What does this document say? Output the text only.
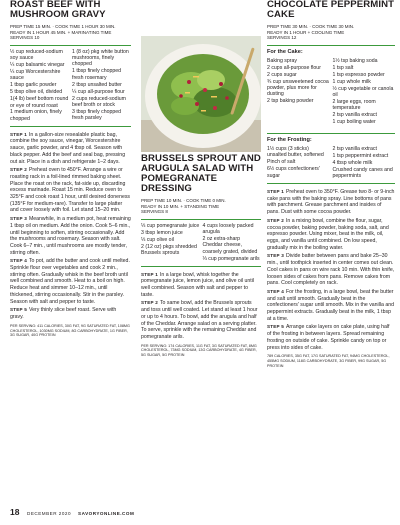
ROAST BEEF WITH MUSHROOM GRAVY
PREP TIME 15 MIN. · COOK TIME 1 HOUR 30 MIN.
READY IN 1 HOUR 45 MIN. + MARINATING TIME
SERVINGS 10
½ cup reduced-sodium soy sauce
¼ cup balsamic vinegar
¼ cup Worcestershire sauce
1 tbsp garlic powder
5 tbsp olive oil, divided
1(4 lb) beef bottom round or eye of round roast
1 medium onion, finely chopped
1 (8 oz) pkg white button mushrooms, finely chopped
1 tbsp finely chopped fresh rosemary
2 tbsp unsalted butter
¼ cup all-purpose flour
2 cups reduced-sodium beef broth or stock
3 tbsp finely chopped fresh parsley

STEP 1 In a gallon-size resealable plastic bag, combine the soy sauce, vinegar, Worcestershire sauce, garlic powder, and 4 tbsp oil. Season with black pepper. Add the beef and seal bag, pressing out air. Place in a dish and refrigerate 1–2 days.

STEP 2 Preheat oven to 450°F. Arrange a wire or roasting rack in a foil-lined rimmed baking sheet. Place the roast on the rack, fat-side up, discarding excess marinade. Roast 15 min. Reduce oven to 325°F and cook roast 1 hour, until desired doneness (135°F for medium-rare). Transfer to large platter and cover loosely with foil. Let stand 15–20 min.

STEP 3 Meanwhile, in a medium pot, heat remaining 1 tbsp oil on medium. Add the onion. Cook 5–6 min., until beginning to soften, stirring occasionally. Add the mushrooms and rosemary. Season with salt. Cook 6–7 min., until mushrooms are mostly tender, stirring often.

STEP 4 To pot, add the butter and cook until melted. Sprinkle flour over vegetables and cook 2 min., stirring often. Gradually whisk in the beef broth until well combined and smooth. Heat to a boil on high. Reduce heat and simmer 10–12 min., until thickened, stirring occasionally. Stir in the parsley. Season with salt and pepper to taste.

STEP 5 Very thinly slice beef roast. Serve with gravy.

PER SERVING: 411 CALORIES, 30G FAT, 9G SATURATED FAT, 108MG CHOLESTEROL, 1030MG SODIUM, 8G CARBOHYDRATE, 1G FIBER, 3G SUGAR, 40G PROTEIN
BRUSSELS SPROUT AND ARUGULA SALAD WITH POMEGRANATE DRESSING
PREP TIME 10 MIN. · COOK TIME 0 MIN.
READY IN 10 MIN. + STANDING TIME
SERVINGS 8
⅓ cup pomegranate juice
3 tbsp lemon juice
⅓ cup olive oil
2 (12 oz) pkgs shredded Brussels sprouts
4 cups loosely packed arugula
2 oz extra-sharp Cheddar cheese, coarsely grated, divided
⅓ cup pomegranate arils

STEP 1 In a large bowl, whisk together the pomegranate juice, lemon juice, and olive oil until well combined. Season with salt and pepper to taste.

STEP 2 To same bowl, add the Brussels sprouts and toss until well coated. Let stand at least 1 hour or up to 4 hours. To bowl, add the arugula and half of the Cheddar. Arrange salad on a serving platter. To serve, sprinkle with the remaining Cheddar and pomegranate arils.

PER SERVING: 174 CALORIES, 11G FAT, 3G SATURATED FAT, 8MG CHOLESTEROL, 73MG SODIUM, 13G CARBOHYDRATE, 4G FIBER, 5G SUGAR, 5G PROTEIN
CHOCOLATE PEPPERMINT CAKE
PREP TIME 30 MIN. · COOK TIME 30 MIN.
READY IN 1 HOUR + COOLING TIME
SERVINGS 12
For the Cake:
Baking spray
2 cups all-purpose flour
2 cups sugar
¾ cup unsweetened cocoa powder, plus more for dusting
2 tsp baking powder
1½ tsp baking soda
1 tsp salt
1 tsp espresso powder
1 cup whole milk
½ cup vegetable or canola oil
2 large eggs, room temperature
2 tsp vanilla extract
1 cup boiling water
For the Frosting:
1½ cups (3 sticks) unsalted butter, softened
Pinch of salt
6½ cups confectioners' sugar
2 tsp vanilla extract
1 tsp peppermint extract
4 tbsp whole milk
Crushed candy canes and peppermints

STEP 1 Preheat oven to 350°F. Grease two 8- or 9-inch cake pans with the baking spray. Line bottoms of pans with parchment. Grease parchment and insides of pans. Dust with some cocoa powder.

STEP 2 In a mixing bowl, combine the flour, sugar, cocoa powder, baking powder, baking soda, salt, and espresso powder. Using mixer, beat in the milk, oil, eggs, and vanilla until combined. On low speed, gradually mix in the boiling water.

STEP 3 Divide batter between pans and bake 25–30 min., until toothpick inserted in center comes out clean. Cool cakes in pans on wire rack 10 min. With thin knife, loosen sides of cakes from pans. Remove cakes from pans. Cool completely on rack.

STEP 4 For the frosting, in a large bowl, beat the butter and salt until smooth. Gradually beat in the confectioners' sugar until smooth. Mix in the vanilla and peppermint extracts. Gradually beat in the milk, 1 tbsp at a time.

STEP 5 Arrange cake layers on cake plate, using half of the frosting in between layers. Spread remaining frosting on outside of cake. Sprinkle candy on top or press into sides of cake.

789 CALORIES, 35G FAT, 17G SATURATED FAT, 94MG CHOLESTEROL, 455MG SODIUM, 118G CARBOHYDRATE, 3G FIBER, 99G SUGAR, 5G PROTEIN
18 DECEMBER 2020 SAVORYONLINE.COM
